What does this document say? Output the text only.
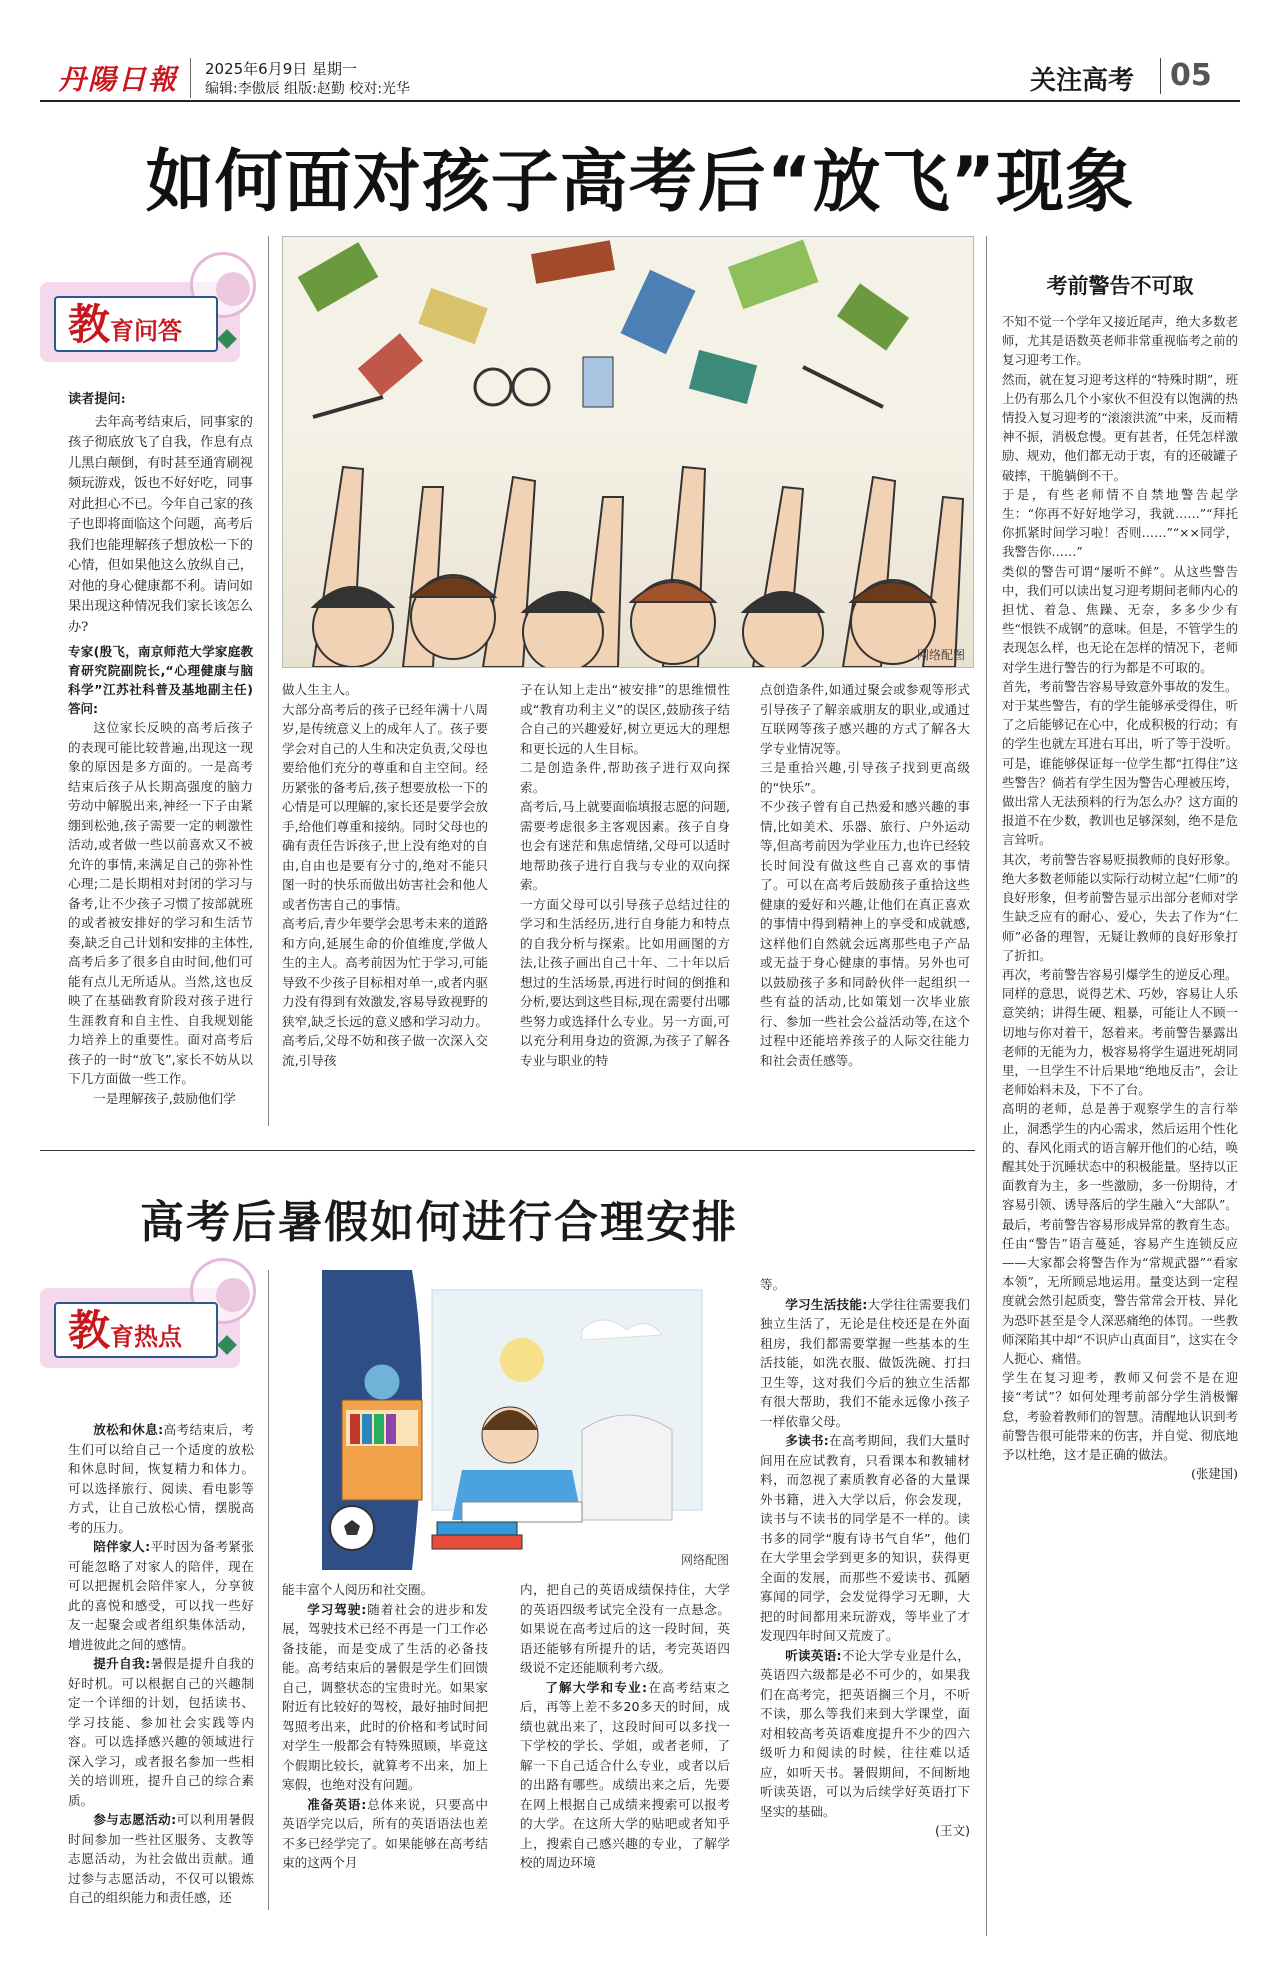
丹陽日報 2025年6月9日 星期一
编辑:李傲辰 组版:赵勤 校对:光华	关注高考 05
如何面对孩子高考后“放飞”现象
教育问答
网络配图

读者提问:

去年高考结束后，同事家的孩子彻底放飞了自我，作息有点儿黑白颠倒，有时甚至通宵刷视频玩游戏，饭也不好好吃，同事对此担心不已。今年自己家的孩子也即将面临这个问题，高考后我们也能理解孩子想放松一下的心情，但如果他这么放纵自己，对他的身心健康都不利。请问如果出现这种情况我们家长该怎么办?

专家(殷飞，南京师范大学家庭教育研究院副院长,“心理健康与脑科学”江苏社科普及基地副主任)答问:

这位家长反映的高考后孩子的表现可能比较普遍,出现这一现象的原因是多方面的。一是高考结束后孩子从长期高强度的脑力劳动中解脱出来,神经一下子由紧绷到松弛,孩子需要一定的刺激性活动,或者做一些以前喜欢又不被允许的事情,来满足自己的弥补性心理;二是长期相对封闭的学习与备考,让不少孩子习惯了按部就班的或者被安排好的学习和生活节奏,缺乏自己计划和安排的主体性,高考后多了很多自由时间,他们可能有点儿无所适从。当然,这也反映了在基础教育阶段对孩子进行生涯教育和自主性、自我规划能力培养上的重要性。面对高考后孩子的一时“放飞”,家长不妨从以下几方面做一些工作。

一是理解孩子,鼓励他们学

做人生主人。
大部分高考后的孩子已经年满十八周岁,是传统意义上的成年人了。孩子要学会对自己的人生和决定负责,父母也要给他们充分的尊重和自主空间。经历紧张的备考后,孩子想要放松一下的心情是可以理解的,家长还是要学会放手,给他们尊重和接纳。同时父母也的确有责任告诉孩子,世上没有绝对的自由,自由也是要有分寸的,绝对不能只图一时的快乐而做出妨害社会和他人或者伤害自己的事情。
高考后,青少年要学会思考未来的道路和方向,延展生命的价值维度,学做人生的主人。高考前因为忙于学习,可能导致不少孩子目标相对单一,或者内驱力没有得到有效激发,容易导致视野的狭窄,缺乏长远的意义感和学习动力。高考后,父母不妨和孩子做一次深入交流,引导孩

子在认知上走出“被安排”的思维惯性或“教育功利主义”的误区,鼓励孩子结合自己的兴趣爱好,树立更远大的理想和更长远的人生目标。
二是创造条件,帮助孩子进行双向探索。
高考后,马上就要面临填报志愿的问题,需要考虑很多主客观因素。孩子自身也会有迷茫和焦虑情绪,父母可以适时地帮助孩子进行自我与专业的双向探索。
一方面父母可以引导孩子总结过往的学习和生活经历,进行自身能力和特点的自我分析与探索。比如用画图的方法,让孩子画出自己十年、二十年以后想过的生活场景,再进行时间的倒推和分析,要达到这些目标,现在需要付出哪些努力或选择什么专业。另一方面,可以充分利用身边的资源,为孩子了解各专业与职业的特

点创造条件,如通过聚会或参观等形式引导孩子了解亲戚朋友的职业,或通过互联网等孩子感兴趣的方式了解各大学专业情况等。
三是重拾兴趣,引导孩子找到更高级的“快乐”。
不少孩子曾有自己热爱和感兴趣的事情,比如美术、乐器、旅行、户外运动等,但高考前因为学业压力,也许已经较长时间没有做这些自己喜欢的事情了。可以在高考后鼓励孩子重拾这些健康的爱好和兴趣,让他们在真正喜欢的事情中得到精神上的享受和成就感,这样他们自然就会远离那些电子产品或无益于身心健康的事情。另外也可以鼓励孩子多和同龄伙伴一起组织一些有益的活动,比如策划一次毕业旅行、参加一些社会公益活动等,在这个过程中还能培养孩子的人际交往能力和社会责任感等。

考前警告不可取

不知不觉一个学年又接近尾声，绝大多数老师，尤其是语数英老师非常重视临考之前的复习迎考工作。
然而，就在复习迎考这样的“特殊时期”，班上仍有那么几个小家伙不但没有以饱满的热情投入复习迎考的“滚滚洪流”中来，反而精神不振，消极怠慢。更有甚者，任凭怎样激励、规劝，他们都无动于衷，有的还破罐子破摔，干脆躺倒不干。
于是，有些老师情不自禁地警告起学生：“你再不好好地学习，我就……”“拜托你抓紧时间学习啦！否则……”“××同学，我警告你……”
类似的警告可谓“屡听不鲜”。从这些警告中，我们可以读出复习迎考期间老师内心的担忧、着急、焦躁、无奈，多多少少有些“恨铁不成钢”的意味。但是，不管学生的表现怎么样，也无论在怎样的情况下，老师对学生进行警告的行为都是不可取的。
首先，考前警告容易导致意外事故的发生。
对于某些警告，有的学生能够承受得住，听了之后能够记在心中，化成积极的行动；有的学生也就左耳进右耳出，听了等于没听。可是，谁能够保证每一位学生都“扛得住”这些警告？倘若有学生因为警告心理被压垮，做出常人无法预料的行为怎么办？这方面的报道不在少数，教训也足够深刻，绝不是危言耸听。
其次，考前警告容易贬损教师的良好形象。
绝大多数老师能以实际行动树立起“仁师”的良好形象，但考前警告显示出部分老师对学生缺乏应有的耐心、爱心，失去了作为“仁师”必备的理智，无疑让教师的良好形象打了折扣。
再次，考前警告容易引爆学生的逆反心理。
同样的意思，说得艺术、巧妙，容易让人乐意笑纳；讲得生硬、粗暴，可能让人不顾一切地与你对着干，怒着来。考前警告暴露出老师的无能为力，极容易将学生逼进死胡同里，一旦学生不计后果地“绝地反击”，会让老师始料未及，下不了台。
高明的老师，总是善于观察学生的言行举止，洞悉学生的内心需求，然后运用个性化的、春风化雨式的语言解开他们的心结，唤醒其处于沉睡状态中的积极能量。坚持以正面教育为主，多一些激励，多一份期待，才容易引领、诱导落后的学生融入“大部队”。
最后，考前警告容易形成异常的教育生态。
任由“警告”语言蔓延，容易产生连锁反应——大家都会将警告作为“常规武器”“看家本领”，无所顾忌地运用。量变达到一定程度就会然引起质变，警告常常会开枝、异化为恐吓甚至是令人深恶痛绝的体罚。一些教师深陷其中却“不识庐山真面目”，这实在令人扼心、痛惜。
学生在复习迎考，教师又何尝不是在迎接“考试”？如何处理考前部分学生消极懈怠，考验着教师们的智慧。清醒地认识到考前警告很可能带来的伤害，并自觉、彻底地予以杜绝，这才是正确的做法。

(张建国)

高考后暑假如何进行合理安排
教育热点
网络配图

放松和休息:高考结束后，考生们可以给自己一个适度的放松和休息时间，恢复精力和体力。可以选择旅行、阅读、看电影等方式，让自己放松心情，摆脱高考的压力。

陪伴家人:平时因为备考紧张可能忽略了对家人的陪伴，现在可以把握机会陪伴家人，分享彼此的喜悦和感受，可以找一些好友一起聚会或者组织集体活动，增进彼此之间的感情。

提升自我:暑假是提升自我的好时机。可以根据自己的兴趣制定一个详细的计划，包括读书、学习技能、参加社会实践等内容。可以选择感兴趣的领域进行深入学习，或者报名参加一些相关的培训班，提升自己的综合素质。

参与志愿活动:可以利用暑假时间参加一些社区服务、支教等志愿活动，为社会做出贡献。通过参与志愿活动，不仅可以锻炼自己的组织能力和责任感，还

能丰富个人阅历和社交圈。

学习驾驶:随着社会的进步和发展，驾驶技术已经不再是一门工作必备技能，而是变成了生活的必备技能。高考结束后的暑假是学生们回馈自己，调整状态的宝贵时光。如果家附近有比较好的驾校，最好抽时间把驾照考出来，此时的价格和考试时间对学生一般都会有特殊照顾，毕竟这个假期比较长，就算考不出来，加上寒假，也绝对没有问题。

准备英语:总体来说，只要高中英语学完以后，所有的英语语法也差不多已经学完了。如果能够在高考结束的这两个月

内，把自己的英语成绩保持住，大学的英语四级考试完全没有一点悬念。如果说在高考过后的这一段时间，英语还能够有所提升的话，考完英语四级说不定还能顺利考六级。

了解大学和专业:在高考结束之后，再等上差不多20多天的时间，成绩也就出来了，这段时间可以多找一下学校的学长、学姐，或者老师，了解一下自己适合什么专业，或者以后的出路有哪些。成绩出来之后，先要在网上根据自己成绩来搜索可以报考的大学。在这所大学的贴吧或者知乎上，搜索自己感兴趣的专业，了解学校的周边环境

等。

学习生活技能:大学往往需要我们独立生活了，无论是住校还是在外面租房，我们都需要掌握一些基本的生活技能，如洗衣服、做饭洗碗、打扫卫生等，这对我们今后的独立生活都有很大帮助，我们不能永远像小孩子一样依靠父母。

多读书:在高考期间，我们大量时间用在应试教育，只看课本和教辅材料，而忽视了素质教育必备的大量课外书籍，进入大学以后，你会发现，读书与不读书的同学是不一样的。读书多的同学“腹有诗书气自华”，他们在大学里会学到更多的知识，获得更全面的发展，而那些不爱读书、孤陋寡闻的同学，会发觉得学习无聊，大把的时间都用来玩游戏，等毕业了才发现四年时间又荒废了。

听读英语:不论大学专业是什么，英语四六级都是必不可少的，如果我们在高考完，把英语搁三个月，不听不读，那么等我们来到大学课堂，面对相较高考英语难度提升不少的四六级听力和阅读的时候，往往难以适应，如听天书。暑假期间，不间断地听读英语，可以为后续学好英语打下坚实的基础。

(王文)
